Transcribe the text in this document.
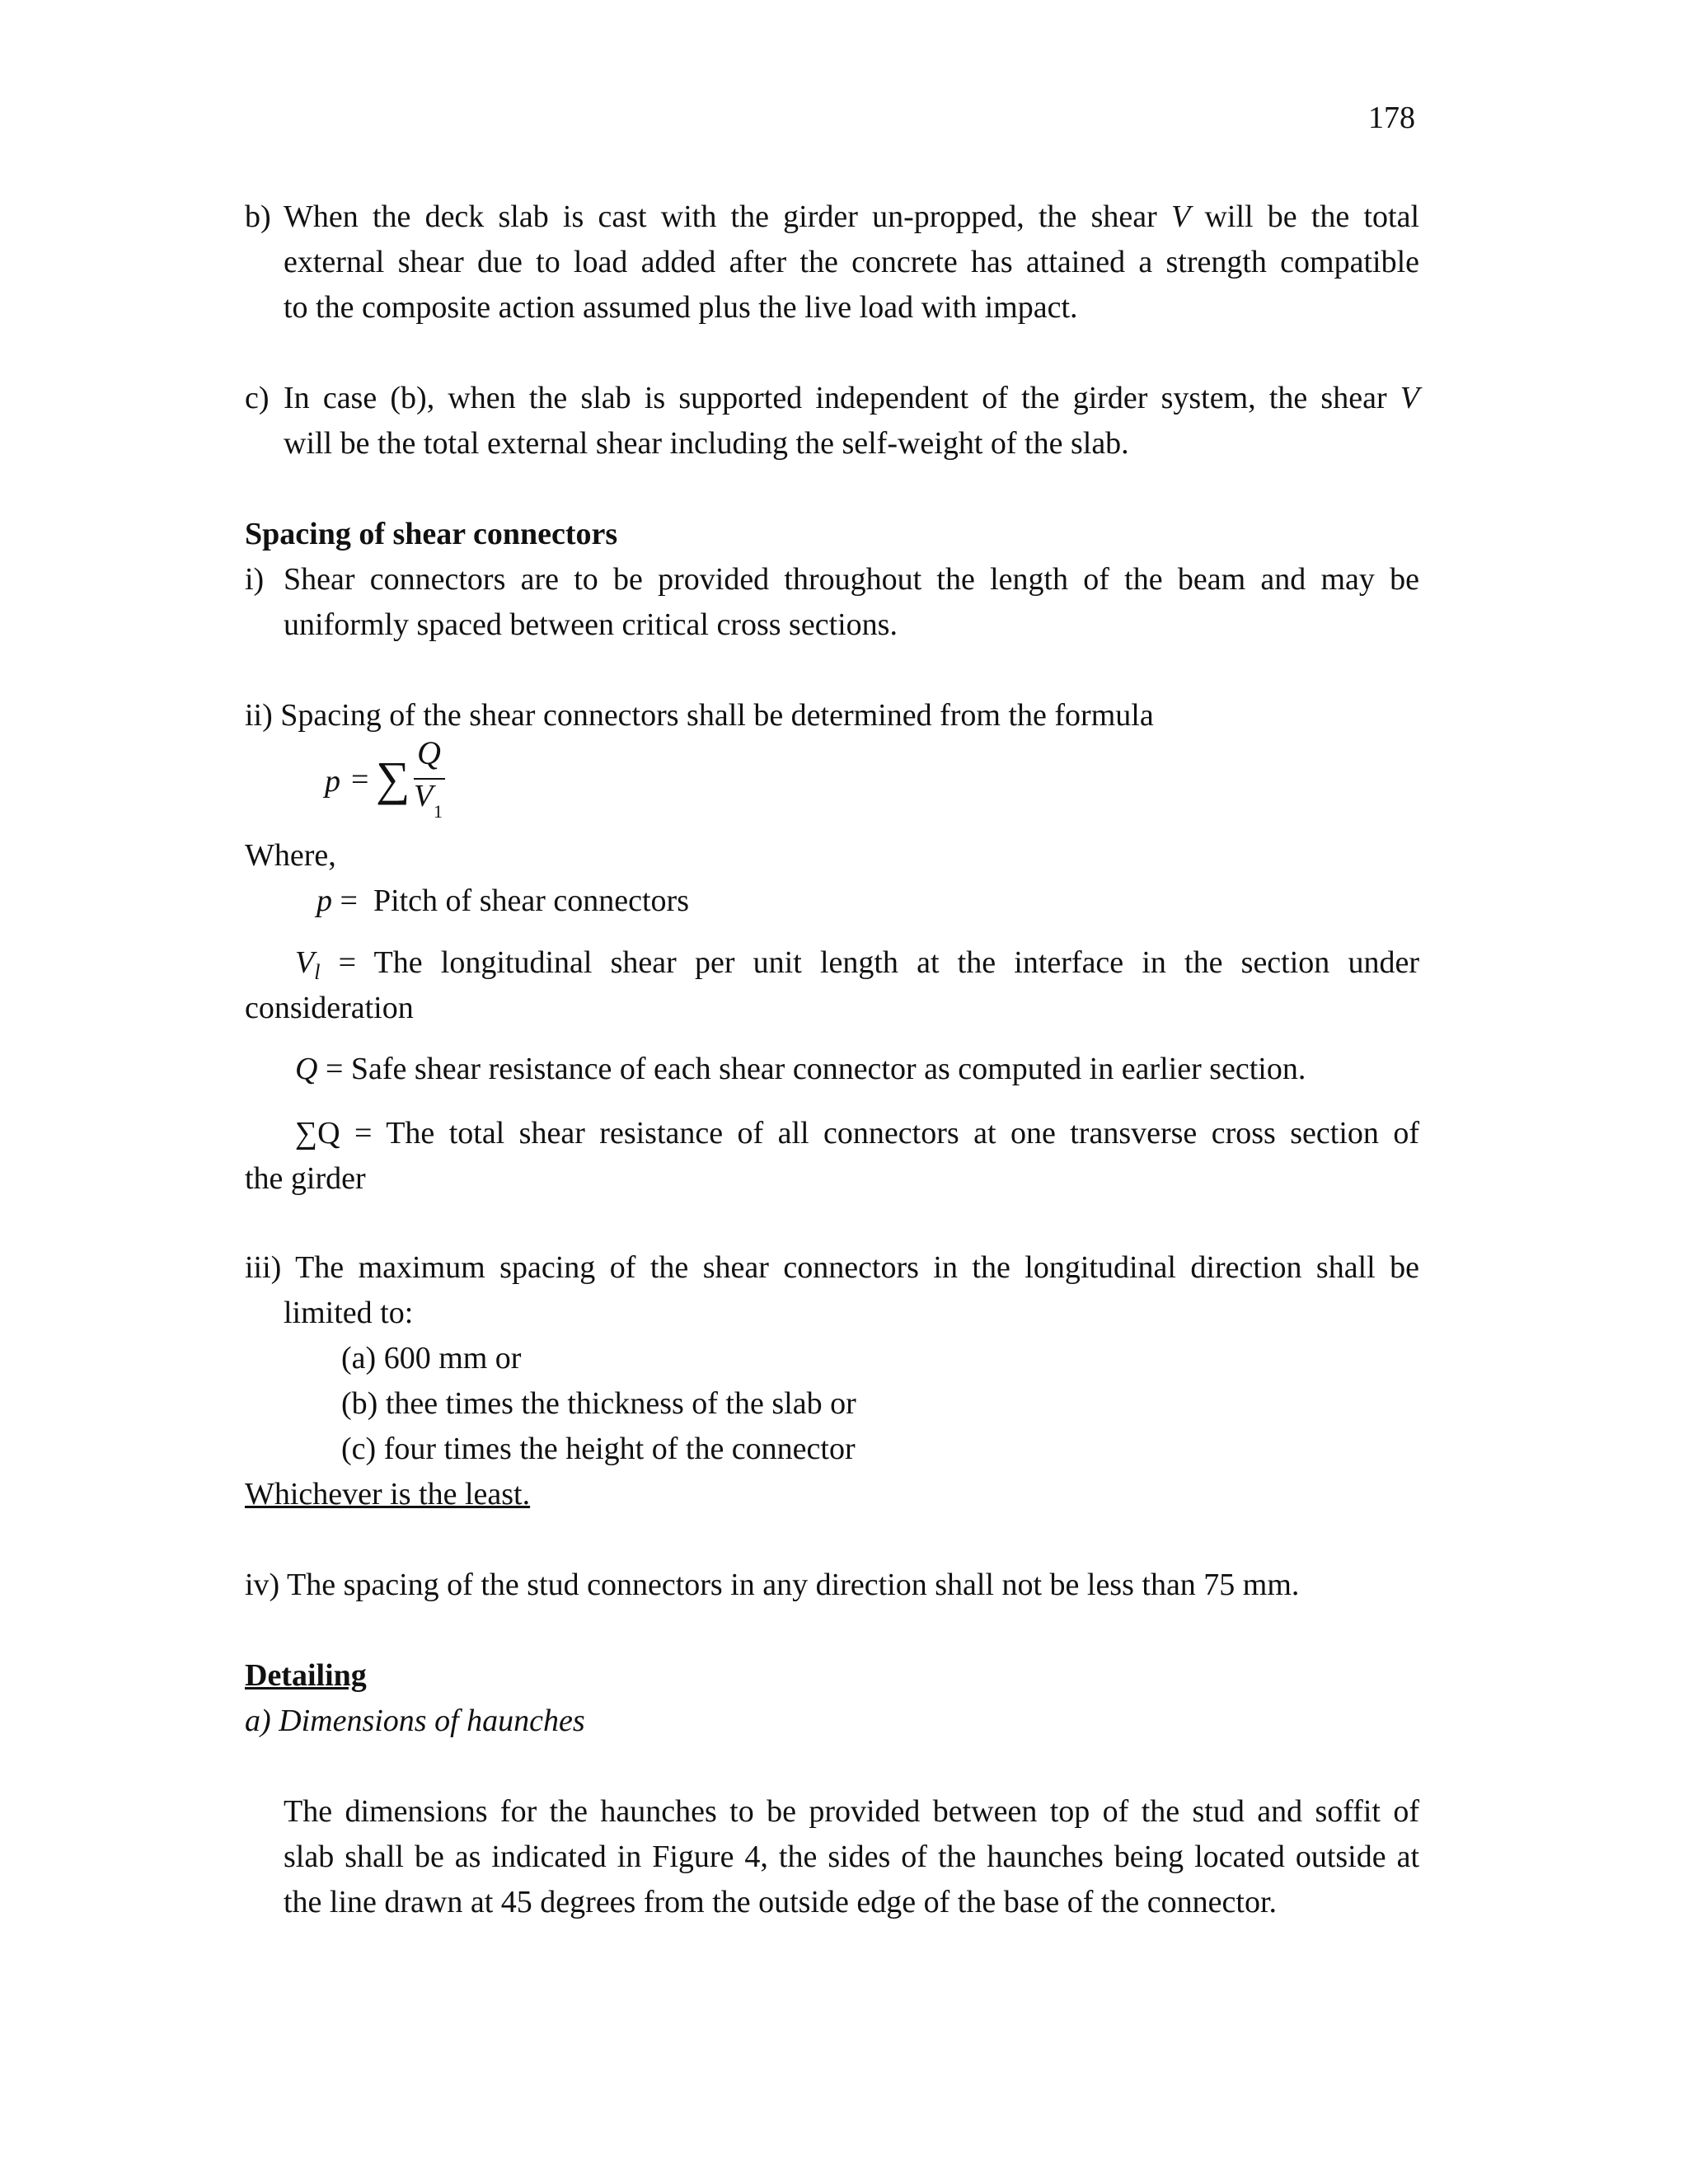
178
b) When the deck slab is cast with the girder un-propped, the shear V will be the total
external shear due to load added after the concrete has attained a strength compatible
to the composite action assumed plus the live load with impact.
c) In case (b), when the slab is supported independent of the girder system, the shear V
will be the total external shear including the self-weight of the slab.
Spacing of shear connectors
i) Shear connectors are to be provided throughout the length of the beam and may be
uniformly spaced between critical cross sections.
ii) Spacing of the shear connectors shall be determined from the formula
p = ∑ Q
V 1
Where,
p = Pitch of shear connectors
$V_l$ = The longitudinal shear per unit length at the interface in the section under
consideration
Q = Safe shear resistance of each shear connector as computed in earlier section.
∑Q = The total shear resistance of all connectors at one transverse cross section of
the girder
iii) The maximum spacing of the shear connectors in the longitudinal direction shall be
limited to:
(a) 600 mm or
(b) thee times the thickness of the slab or
(c) four times the height of the connector
Whichever is the least.
iv) The spacing of the stud connectors in any direction shall not be less than 75 mm.
Detailing
a) Dimensions of haunches
The dimensions for the haunches to be provided between top of the stud and soffit of
slab shall be as indicated in Figure 4, the sides of the haunches being located outside at
the line drawn at 45 degrees from the outside edge of the base of the connector.
